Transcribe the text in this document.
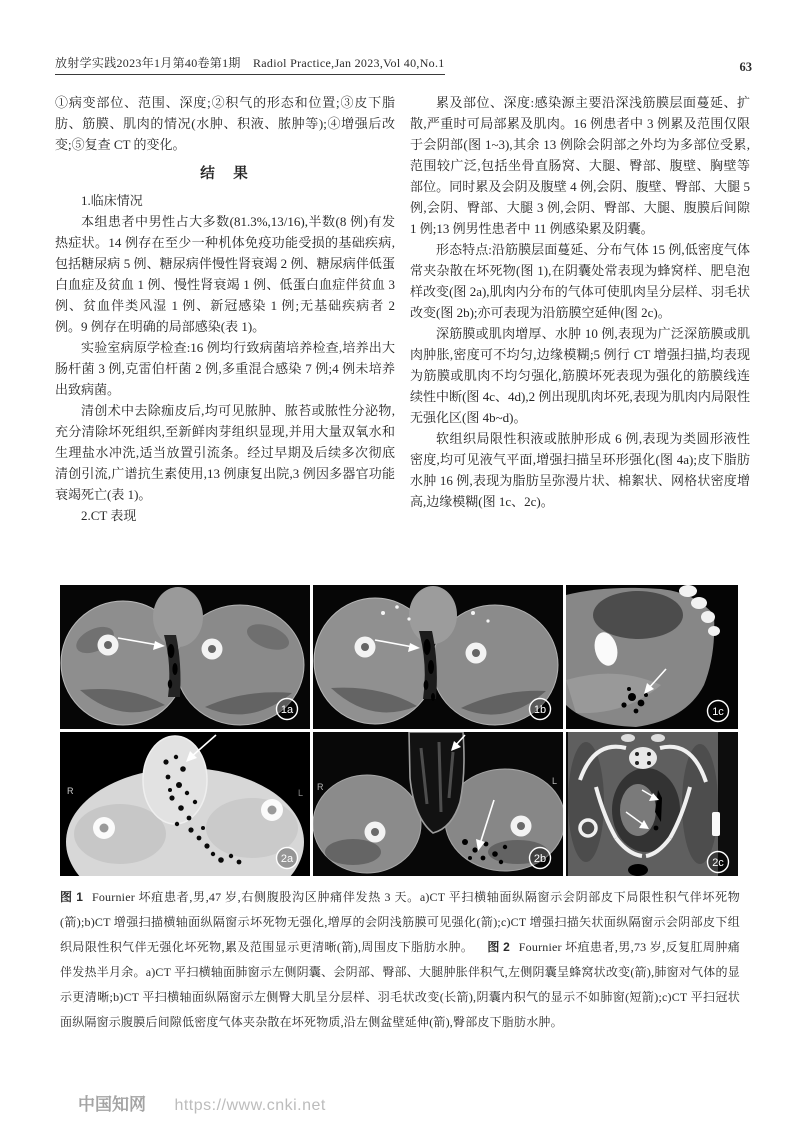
放射学实践2023年1月第40卷第1期　Radiol Practice,Jan 2023,Vol 40,No.1	63

①病变部位、范围、深度;②积气的形态和位置;③皮下脂肪、筋膜、肌肉的情况(水肿、积液、脓肿等);④增强后改变;⑤复查 CT 的变化。

结　果

1.临床情况

本组患者中男性占大多数(81.3%,13/16),半数(8 例)有发热症状。14 例存在至少一种机体免疫功能受损的基础疾病,包括糖尿病 5 例、糖尿病伴慢性肾衰竭 2 例、糖尿病伴低蛋白血症及贫血 1 例、慢性肾衰竭 1 例、低蛋白血症伴贫血 3 例、贫血伴类风湿 1 例、新冠感染 1 例;无基础疾病者 2 例。9 例存在明确的局部感染(表 1)。

实验室病原学检查:16 例均行致病菌培养检查,培养出大肠杆菌 3 例,克雷伯杆菌 2 例,多重混合感染 7 例;4 例未培养出致病菌。

清创术中去除痂皮后,均可见脓肿、脓苔或脓性分泌物,充分清除坏死组织,至新鲜肉芽组织显现,并用大量双氧水和生理盐水冲洗,适当放置引流条。经过早期及后续多次彻底清创引流,广谱抗生素使用,13 例康复出院,3 例因多器官功能衰竭死亡(表 1)。

2.CT 表现

累及部位、深度:感染源主要沿深浅筋膜层面蔓延、扩散,严重时可局部累及肌肉。16 例患者中 3 例累及范围仅限于会阴部(图 1~3),其余 13 例除会阴部之外均为多部位受累,范围较广泛,包括坐骨直肠窝、大腿、臀部、腹壁、胸壁等部位。同时累及会阴及腹壁 4 例,会阴、腹壁、臀部、大腿 5 例,会阴、臀部、大腿 3 例,会阴、臀部、大腿、腹膜后间隙 1 例;13 例男性患者中 11 例感染累及阴囊。

形态特点:沿筋膜层面蔓延、分布气体 15 例,低密度气体常夹杂散在坏死物(图 1),在阴囊处常表现为蜂窝样、肥皂泡样改变(图 2a),肌肉内分布的气体可使肌肉呈分层样、羽毛状改变(图 2b);亦可表现为沿筋膜空延伸(图 2c)。

深筋膜或肌肉增厚、水肿 10 例,表现为广泛深筋膜或肌肉肿胀,密度可不均匀,边缘模糊;5 例行 CT 增强扫描,均表现为筋膜或肌肉不均匀强化,筋膜坏死表现为强化的筋膜线连续性中断(图 4c、4d),2 例出现肌肉坏死,表现为肌肉内局限性无强化区(图 4b~d)。

软组织局限性积液或脓肿形成 6 例,表现为类圆形液性密度,均可见液气平面,增强扫描呈环形强化(图 4a);皮下脂肪水肿 16 例,表现为脂肪呈弥漫片状、棉絮状、网格状密度增高,边缘模糊(图 1c、2c)。

1a	1b	1c
R	L
2a
R
L
2b	2c
图 1 Fournier 坏疽患者,男,47 岁,右侧腹股沟区肿痛伴发热 3 天。a)CT 平扫横轴面纵隔窗示会阴部皮下局限性积气伴坏死物(箭);b)CT 增强扫描横轴面纵隔窗示坏死物无强化,增厚的会阴浅筋膜可见强化(箭);c)CT 增强扫描矢状面纵隔窗示会阴部皮下组织局限性积气伴无强化坏死物,累及范围显示更清晰(箭),周围皮下脂肪水肿。 图 2 Fournier 坏疽患者,男,73 岁,反复肛周肿痛伴发热半月余。a)CT 平扫横轴面肺窗示左侧阴囊、会阴部、臀部、大腿肿胀伴积气,左侧阴囊呈蜂窝状改变(箭),肺窗对气体的显示更清晰;b)CT 平扫横轴面纵隔窗示左侧臀大肌呈分层样、羽毛状改变(长箭),阴囊内积气的显示不如肺窗(短箭);c)CT 平扫冠状面纵隔窗示腹膜后间隙低密度气体夹杂散在坏死物质,沿左侧盆壁延伸(箭),臀部皮下脂肪水肿。
中国知网 https://www.cnki.net
